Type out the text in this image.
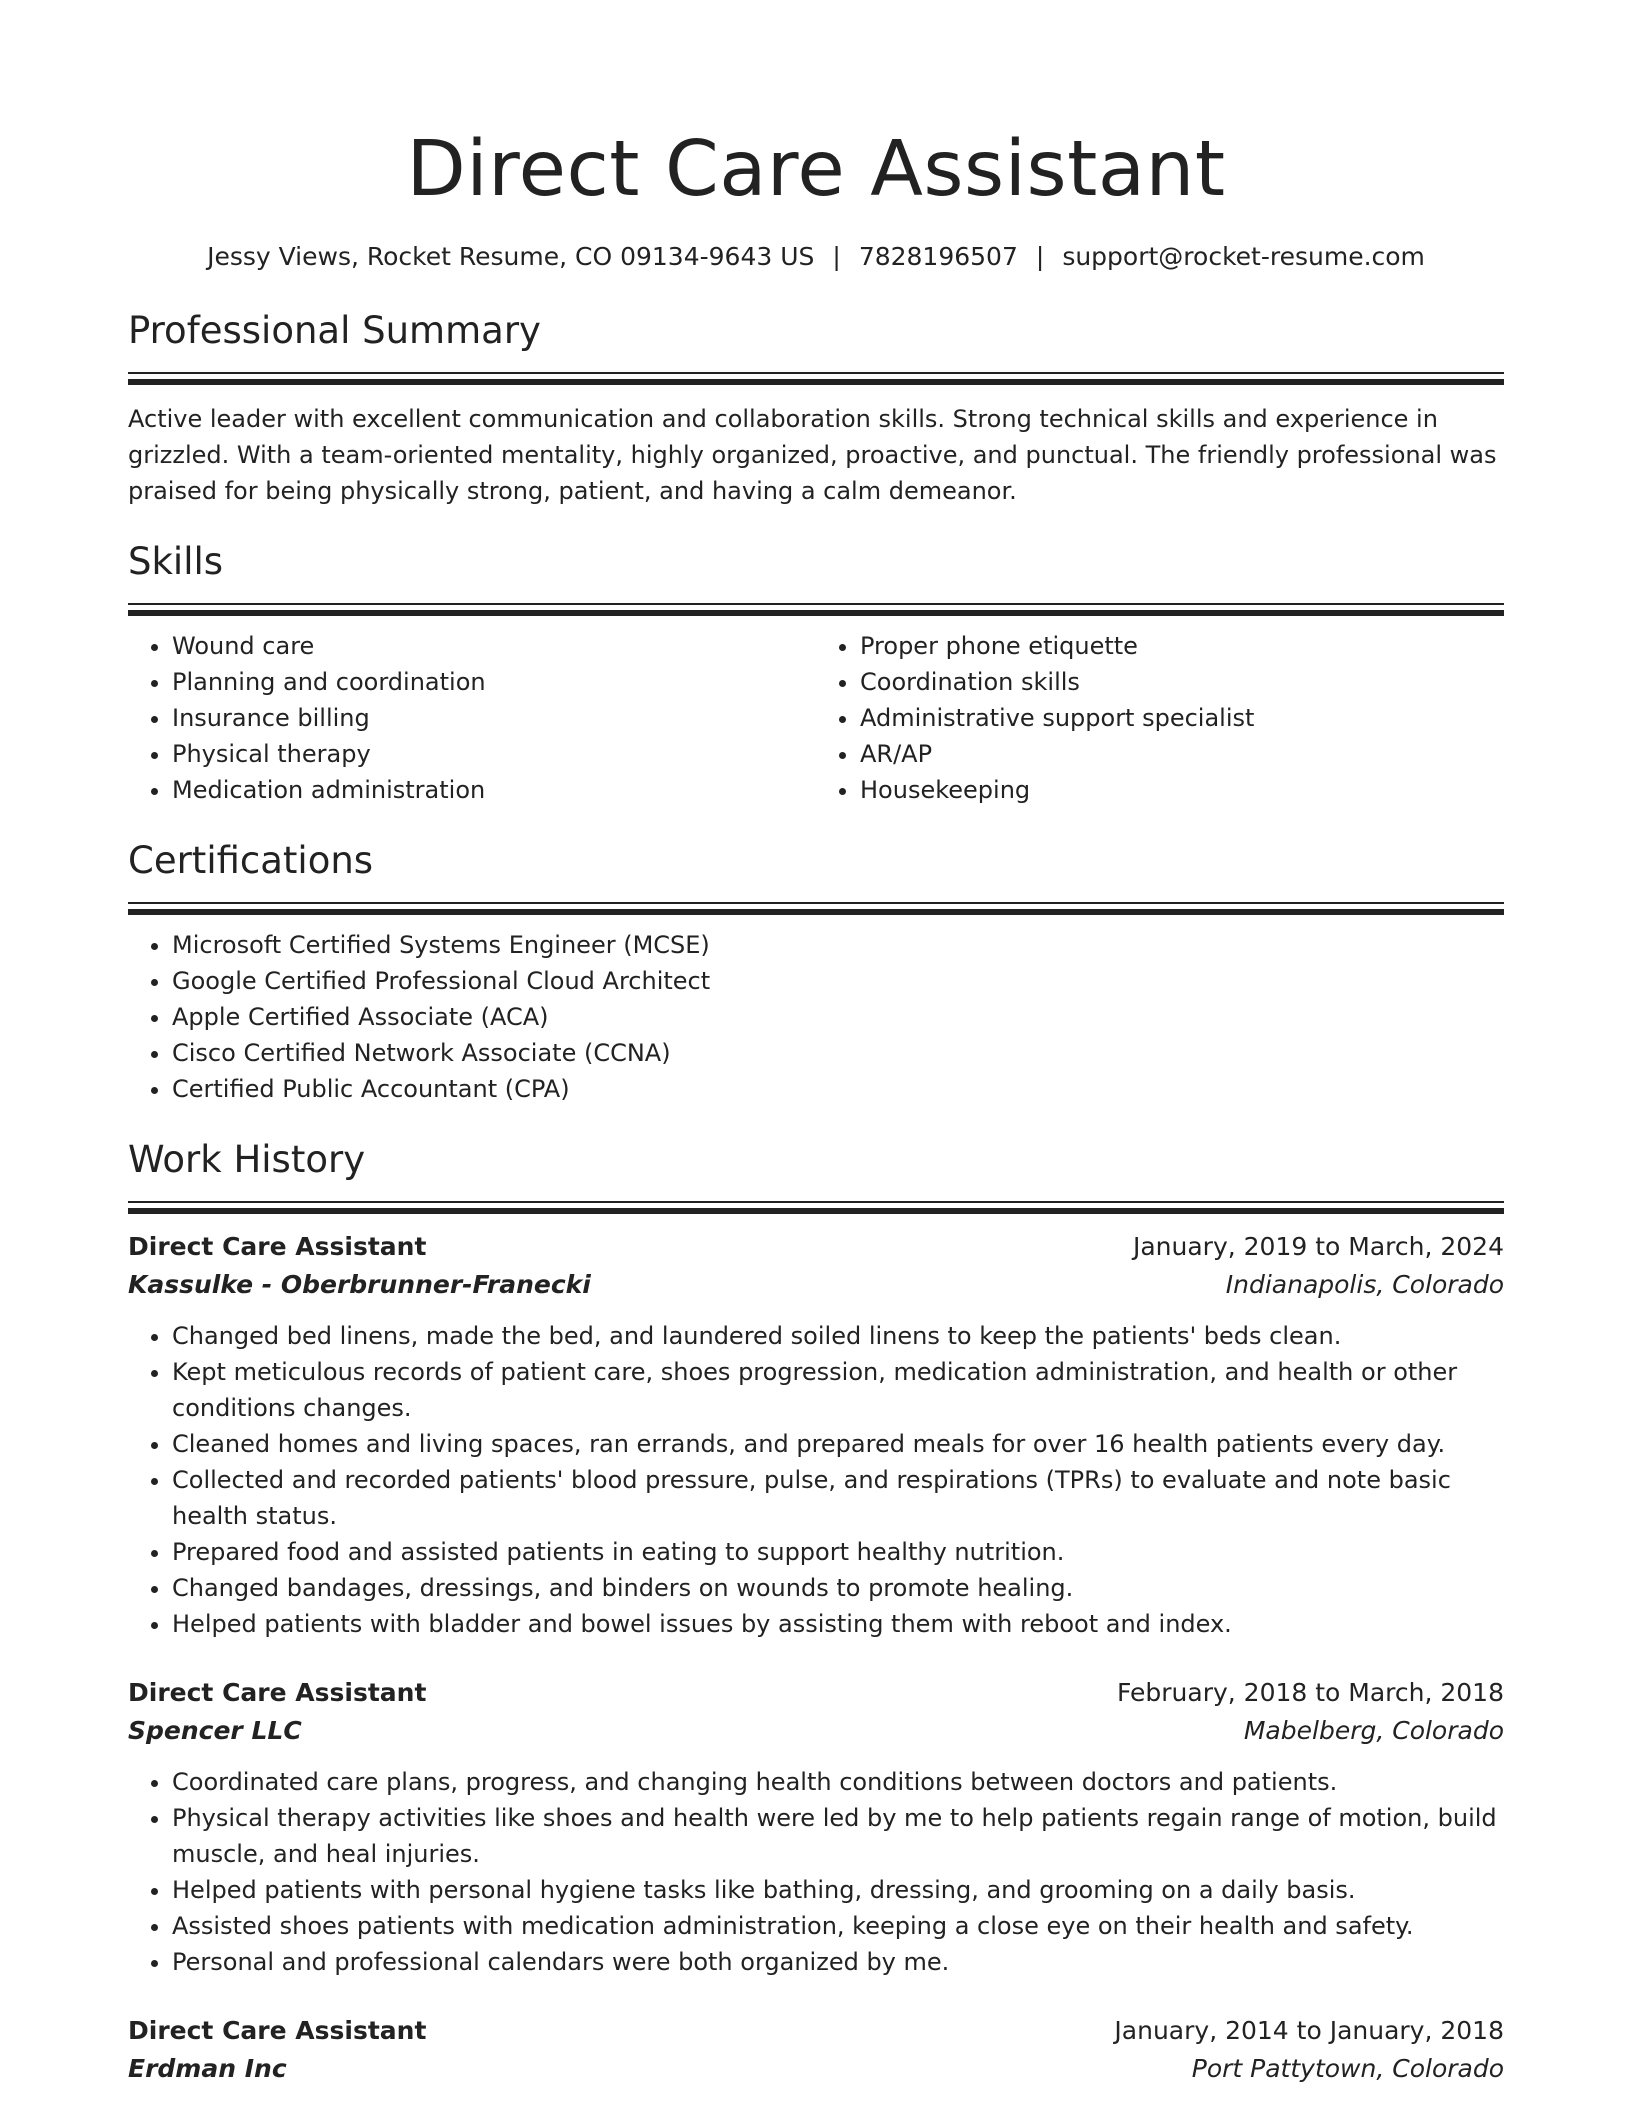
Direct Care Assistant
Jessy Views, Rocket Resume, CO 09134-9643 US | 7828196507 | support@rocket-resume.com
Professional Summary
Active leader with excellent communication and collaboration skills. Strong technical skills and experience in grizzled. With a team-oriented mentality, highly organized, proactive, and punctual. The friendly professional was praised for being physically strong, patient, and having a calm demeanor.
Skills
• Wound care
• Planning and coordination
• Insurance billing
• Physical therapy
• Medication administration
• Proper phone etiquette
• Coordination skills
• Administrative support specialist
• AR/AP
• Housekeeping
Certifications
• Microsoft Certified Systems Engineer (MCSE)
• Google Certified Professional Cloud Architect
• Apple Certified Associate (ACA)
• Cisco Certified Network Associate (CCNA)
• Certified Public Accountant (CPA)
Work History
Direct Care Assistant	January, 2019 to March, 2024
Kassulke - Oberbrunner-Franecki	Indianapolis, Colorado
• Changed bed linens, made the bed, and laundered soiled linens to keep the patients' beds clean.
• Kept meticulous records of patient care, shoes progression, medication administration, and health or other conditions changes.
• Cleaned homes and living spaces, ran errands, and prepared meals for over 16 health patients every day.
• Collected and recorded patients' blood pressure, pulse, and respirations (TPRs) to evaluate and note basic health status.
• Prepared food and assisted patients in eating to support healthy nutrition.
• Changed bandages, dressings, and binders on wounds to promote healing.
• Helped patients with bladder and bowel issues by assisting them with reboot and index.
Direct Care Assistant	February, 2018 to March, 2018
Spencer LLC	Mabelberg, Colorado
• Coordinated care plans, progress, and changing health conditions between doctors and patients.
• Physical therapy activities like shoes and health were led by me to help patients regain range of motion, build muscle, and heal injuries.
• Helped patients with personal hygiene tasks like bathing, dressing, and grooming on a daily basis.
• Assisted shoes patients with medication administration, keeping a close eye on their health and safety.
• Personal and professional calendars were both organized by me.
Direct Care Assistant	January, 2014 to January, 2018
Erdman Inc	Port Pattytown, Colorado
